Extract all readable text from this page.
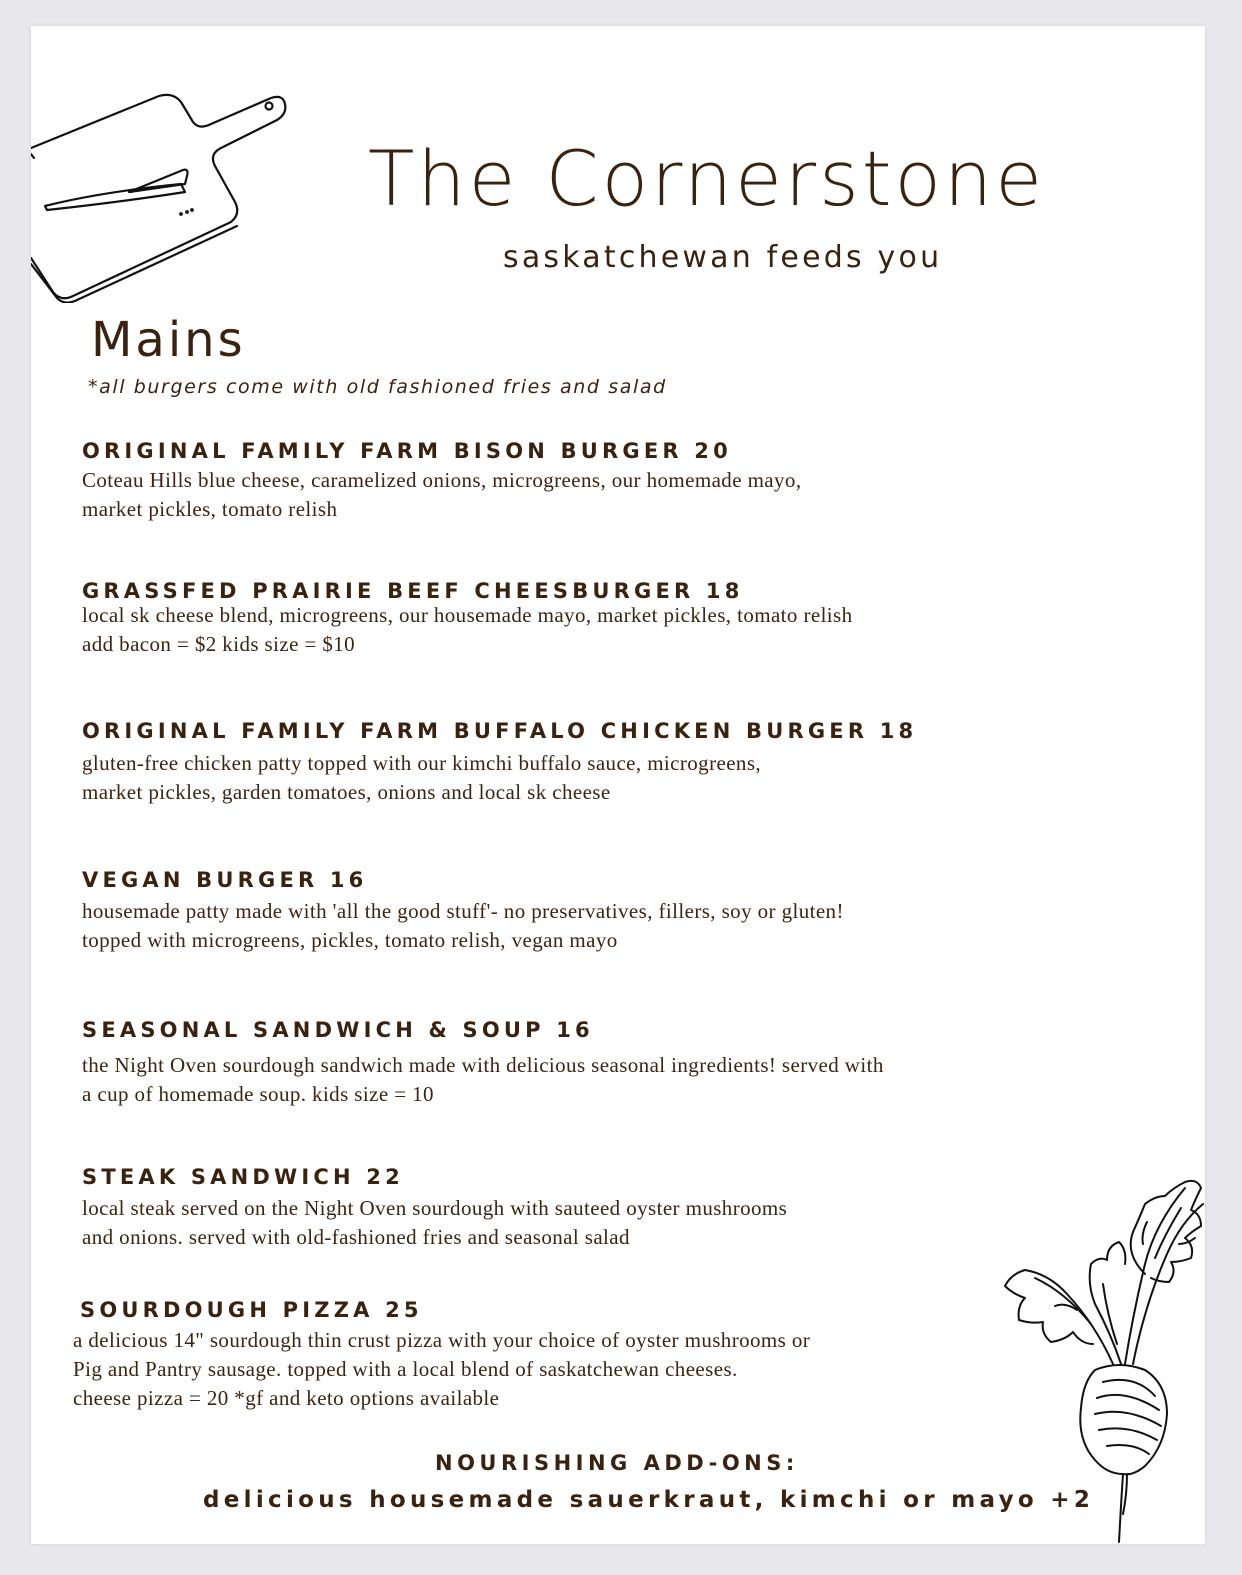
The Cornerstone
saskatchewan feeds you
Mains
*all burgers come with old fashioned fries and salad
ORIGINAL FAMILY FARM BISON BURGER 20
Coteau Hills blue cheese, caramelized onions, microgreens, our homemade mayo,
market pickles, tomato relish
GRASSFED PRAIRIE BEEF CHEESBURGER 18
local sk cheese blend, microgreens, our housemade mayo, market pickles, tomato relish
add bacon = $2 kids size = $10
ORIGINAL FAMILY FARM BUFFALO CHICKEN BURGER 18
gluten-free chicken patty topped with our kimchi buffalo sauce, microgreens,
market pickles, garden tomatoes, onions and local sk cheese
VEGAN BURGER 16
housemade patty made with 'all the good stuff'- no preservatives, fillers, soy or gluten!
topped with microgreens, pickles, tomato relish, vegan mayo
SEASONAL SANDWICH & SOUP 16
the Night Oven sourdough sandwich made with delicious seasonal ingredients! served with
a cup of homemade soup. kids size = 10
STEAK SANDWICH 22
local steak served on the Night Oven sourdough with sauteed oyster mushrooms
and onions. served with old-fashioned fries and seasonal salad
SOURDOUGH PIZZA 25
a delicious 14" sourdough thin crust pizza with your choice of oyster mushrooms or
Pig and Pantry sausage. topped with a local blend of saskatchewan cheeses.
cheese pizza = 20 *gf and keto options available
NOURISHING ADD-ONS:
delicious housemade sauerkraut, kimchi or mayo +2
